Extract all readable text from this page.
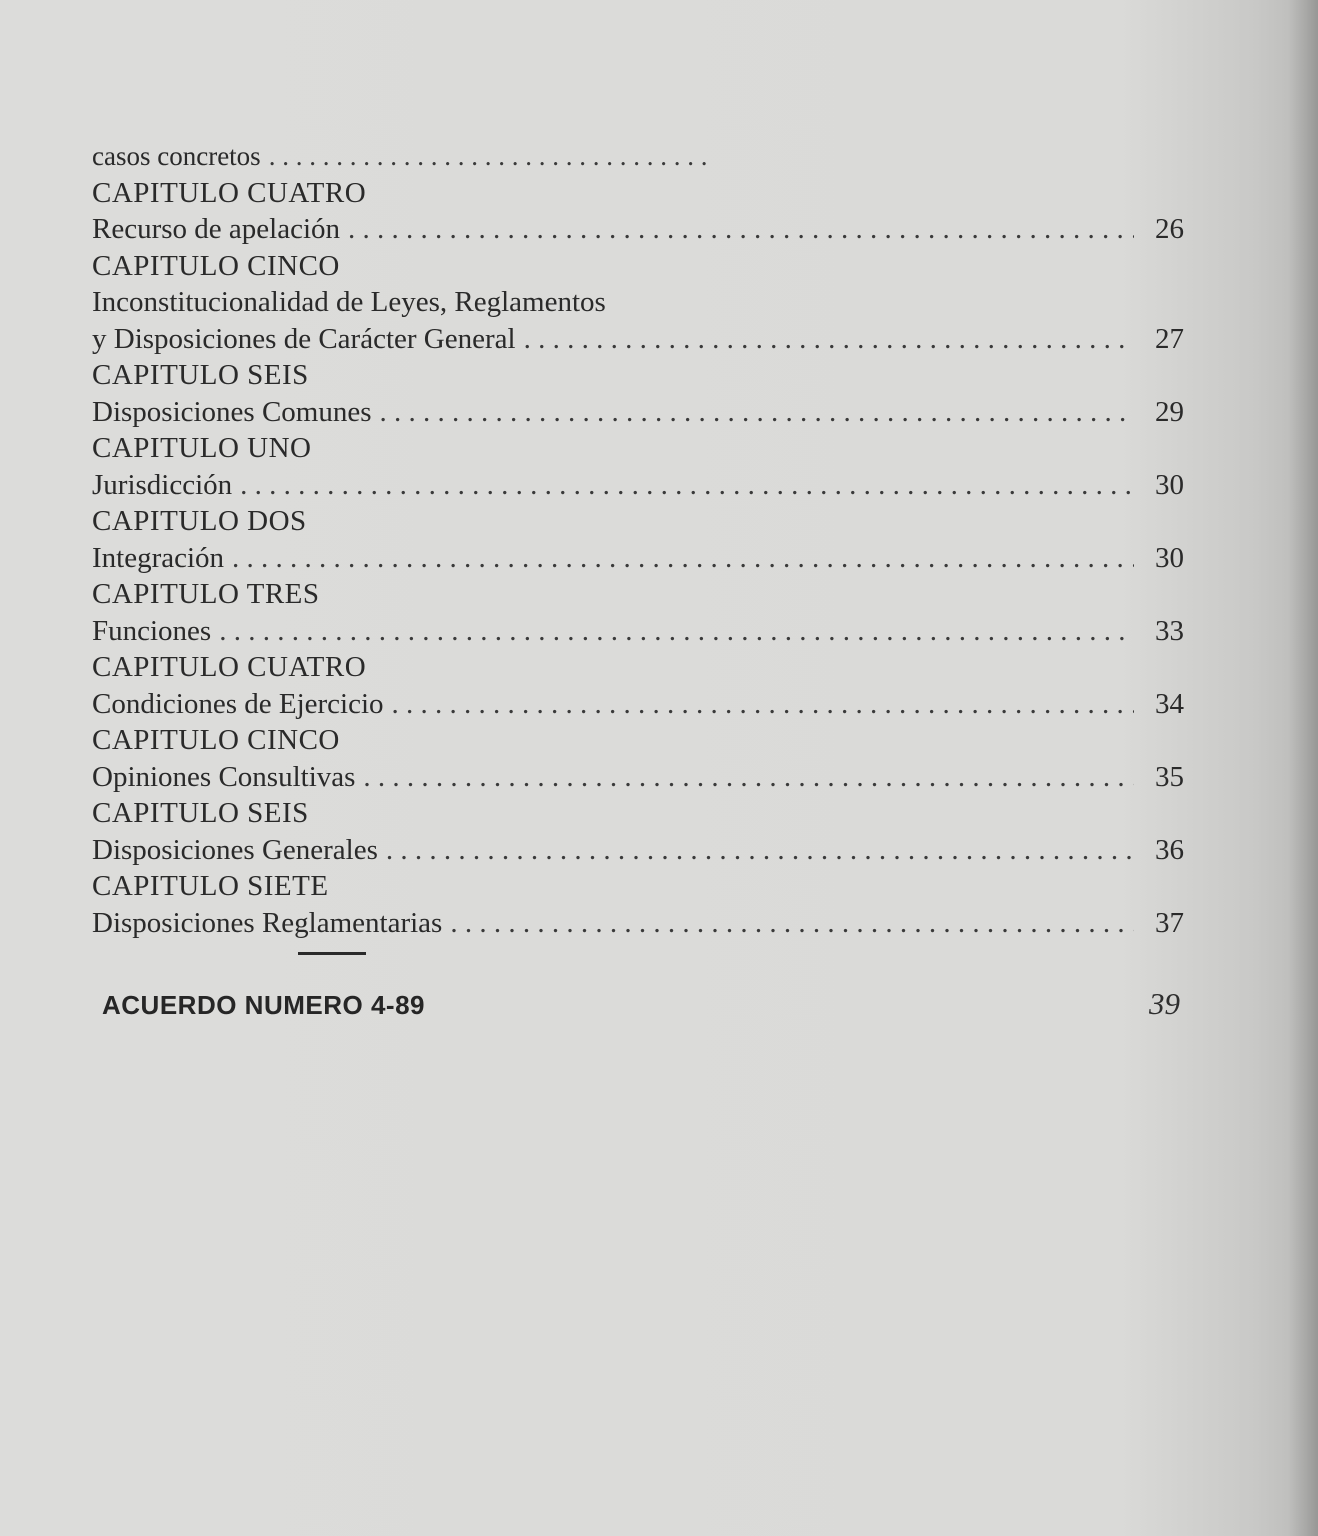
casos concretos
. . .
CAPITULO CUATRO
Recurso de apelación . . .	26
CAPITULO CINCO
Inconstitucionalidad de Leyes, Reglamentos
y Disposiciones de Carácter General . . .	27
CAPITULO SEIS
Disposiciones Comunes . . .	29
CAPITULO UNO
Jurisdicción . . .	30
CAPITULO DOS
Integración . . .	30
CAPITULO TRES
Funciones . . .	33
CAPITULO CUATRO
Condiciones de Ejercicio . . .	34
CAPITULO CINCO
Opiniones Consultivas . . .	35
CAPITULO SEIS
Disposiciones Generales . . .	36
CAPITULO SIETE
Disposiciones Reglamentarias . . .	37
ACUERDO NUMERO 4-89	39
